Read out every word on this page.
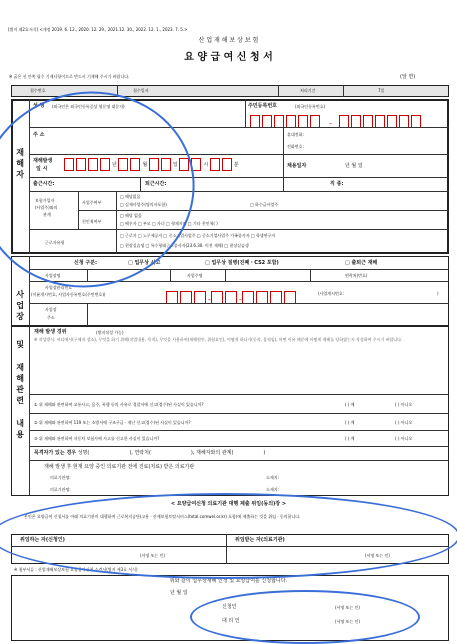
[별지 제2호서식] <개정 2019. 6. 12., 2020. 12. 29., 2021.12. 30., 2022. 12. 1., 2023. 7. 5.>
산 업 재 해 보 상 보 험
요 양 급 여 신 청 서
※ 굵은 선 안쪽 필수 기재사항이므로 반드시 기재해 주시기 바랍니다.	(앞 면)
접수번호	접수일자	처리기간	7일
재해자
성 명 (외국인은 외국인등록증상 영문명 대문자)	주민등록번호	(외국인등록번호)
-
주 소	휴대전화:
전화번호:
재해발생
일 시
년	월	일	시	분	채용일자	년 월 일
출근시간:	퇴근시간:	직 종:
보험가입자
(사업주)와의
관계
사업주여부
친인척여부
□ 해당없음
□ 실제사업주(명의자포함)	□ 하수급사업주
□ 해당 없음
□ 배우자 □ 부모 □ 자녀 □ 형제자매 □ 기타 친인척( )
근로자유형
□ 근로자 □ 노무제공자 □ 중소기업사업주 □ 중소기업사업주 가족종사자 □ 학생연구자
□ 현장실습생 □ 특수형태근로종사자(23.6.30. 이전 재해) □ 현장실습생
사업장
신청 구분:	□ 업무상 사고	□ 업무상 질병(진폐・CS2 포함)	□ 출퇴근 재해
사업장명	사업주명	연락처(번호)
사업장관리번호
(이륜개시번호, 사업자등록번호(주민번호))
-	-
(사업개시번호:	)
사업장
주소
및 재해관련 내용
재해 발생 경위	(별지작성 가능)
※ 작성방식: 어디에서(구체적 장소), 무엇을 하기 위해(작업내용, 목적), 무엇을 사용하여(재해원인, 위험요인), 어떻게 하다가(동작, 움직임), 어떤 이유 때문에 어떻게 재해를 당하였는지 작성하여 주시기 바랍니다.
① 위 재해와 관련하여 교통사고, 음주, 폭행 등의 사유로 경찰서에 신고(접수)된 사실이 있습니까?	( ) 예	( ) 아니오
② 위 재해와 관련하여 119 또는 소방서에 구조구급 · 재난 신고(접수)된 사실이 있습니까?	( ) 예	( ) 아니오
③ 위 재해와 관련하여 자동차 보험사에 사고를 신고한 사실이 있습니까?	( ) 예	( ) 아니오
목격자가 있는 경우 성명(	), 연락처(	), 재해자와의 관계(	)
재해 발생 후 현재 요양 중인 의료기관 전에 진료(처료) 받은 의료기관
의료기관명:	소재지:
의료기관명:	소재지:
< 요양급여신청 의료기관 대행 제출 위임(동의)장 >
본인은 요양급여 신청서를 아래 의료기관이 대행하여 근로복지공단(고용 · 산재보험토탈서비스(total.comwel.or.kr) 포함)에 제출하는 것을 위임 · 동의합니다.
위임하는 자(신청인)	위임받는 자(의료기관)
(서명 또는 인)	(서명 또는 인)
※ 첨부서류 : 산업재해보상보험 요양급여신청 소견서(별지 제3호 서식)
위와 같이 업무상재해 인정 및 요양급여를 신청합니다.
년 월 일
신청인	(서명 또는 인)
대 리 인	(서명 또는 인)
